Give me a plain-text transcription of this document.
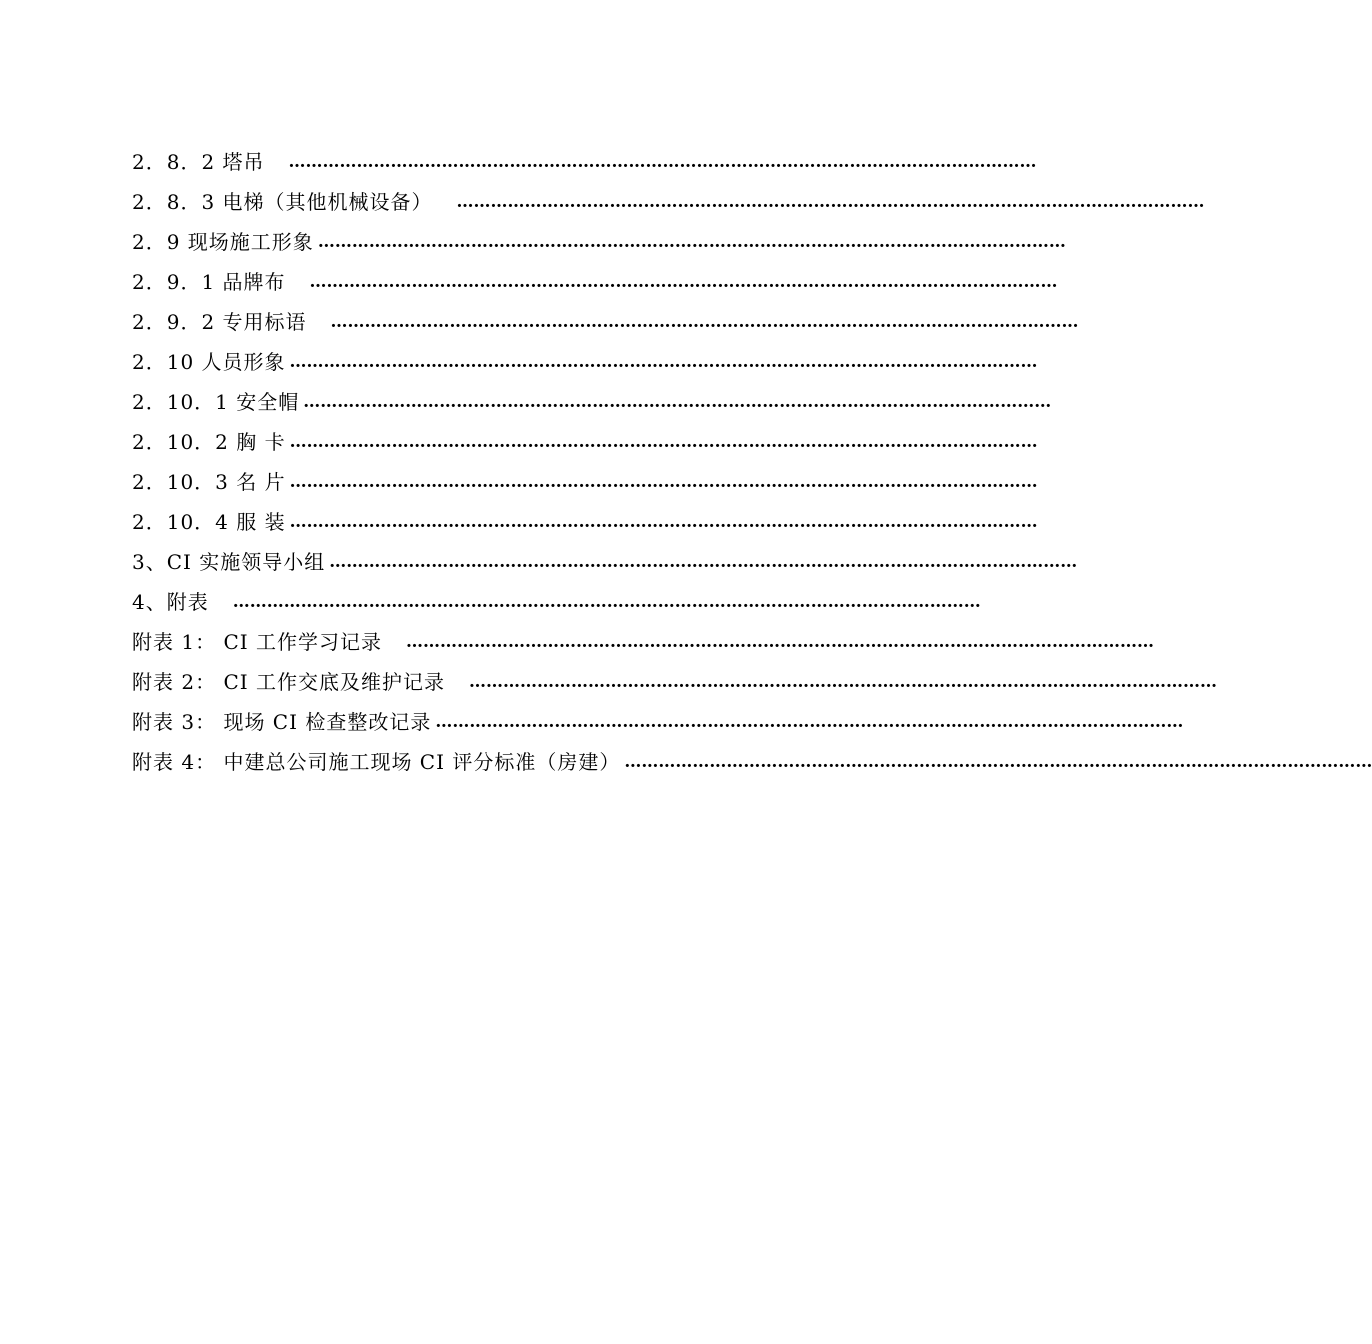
2．8．2 塔吊 ……………………………………………………………………………………………………………………
2．8．3 电梯（其他机械设备） ……………………………………………………………………………………………………………………
2．9 现场施工形象 ……………………………………………………………………………………………………………………
2．9．1 品牌布 ……………………………………………………………………………………………………………………
2．9．2 专用标语 ……………………………………………………………………………………………………………………
2．10 人员形象 ……………………………………………………………………………………………………………………
2．10．1 安全帽 ……………………………………………………………………………………………………………………
2．10．2 胸 卡 ……………………………………………………………………………………………………………………
2．10．3 名 片 ……………………………………………………………………………………………………………………
2．10．4 服 装 ……………………………………………………………………………………………………………………
3、CI 实施领导小组 ……………………………………………………………………………………………………………………
4、附表 ……………………………………………………………………………………………………………………
附表 1： CI 工作学习记录 ……………………………………………………………………………………………………………………
附表 2： CI 工作交底及维护记录 ……………………………………………………………………………………………………………………
附表 3： 现场 CI 检查整改记录 ……………………………………………………………………………………………………………………
附表 4： 中建总公司施工现场 CI 评分标准（房建） ……………………………………………………………………………………………………………………
